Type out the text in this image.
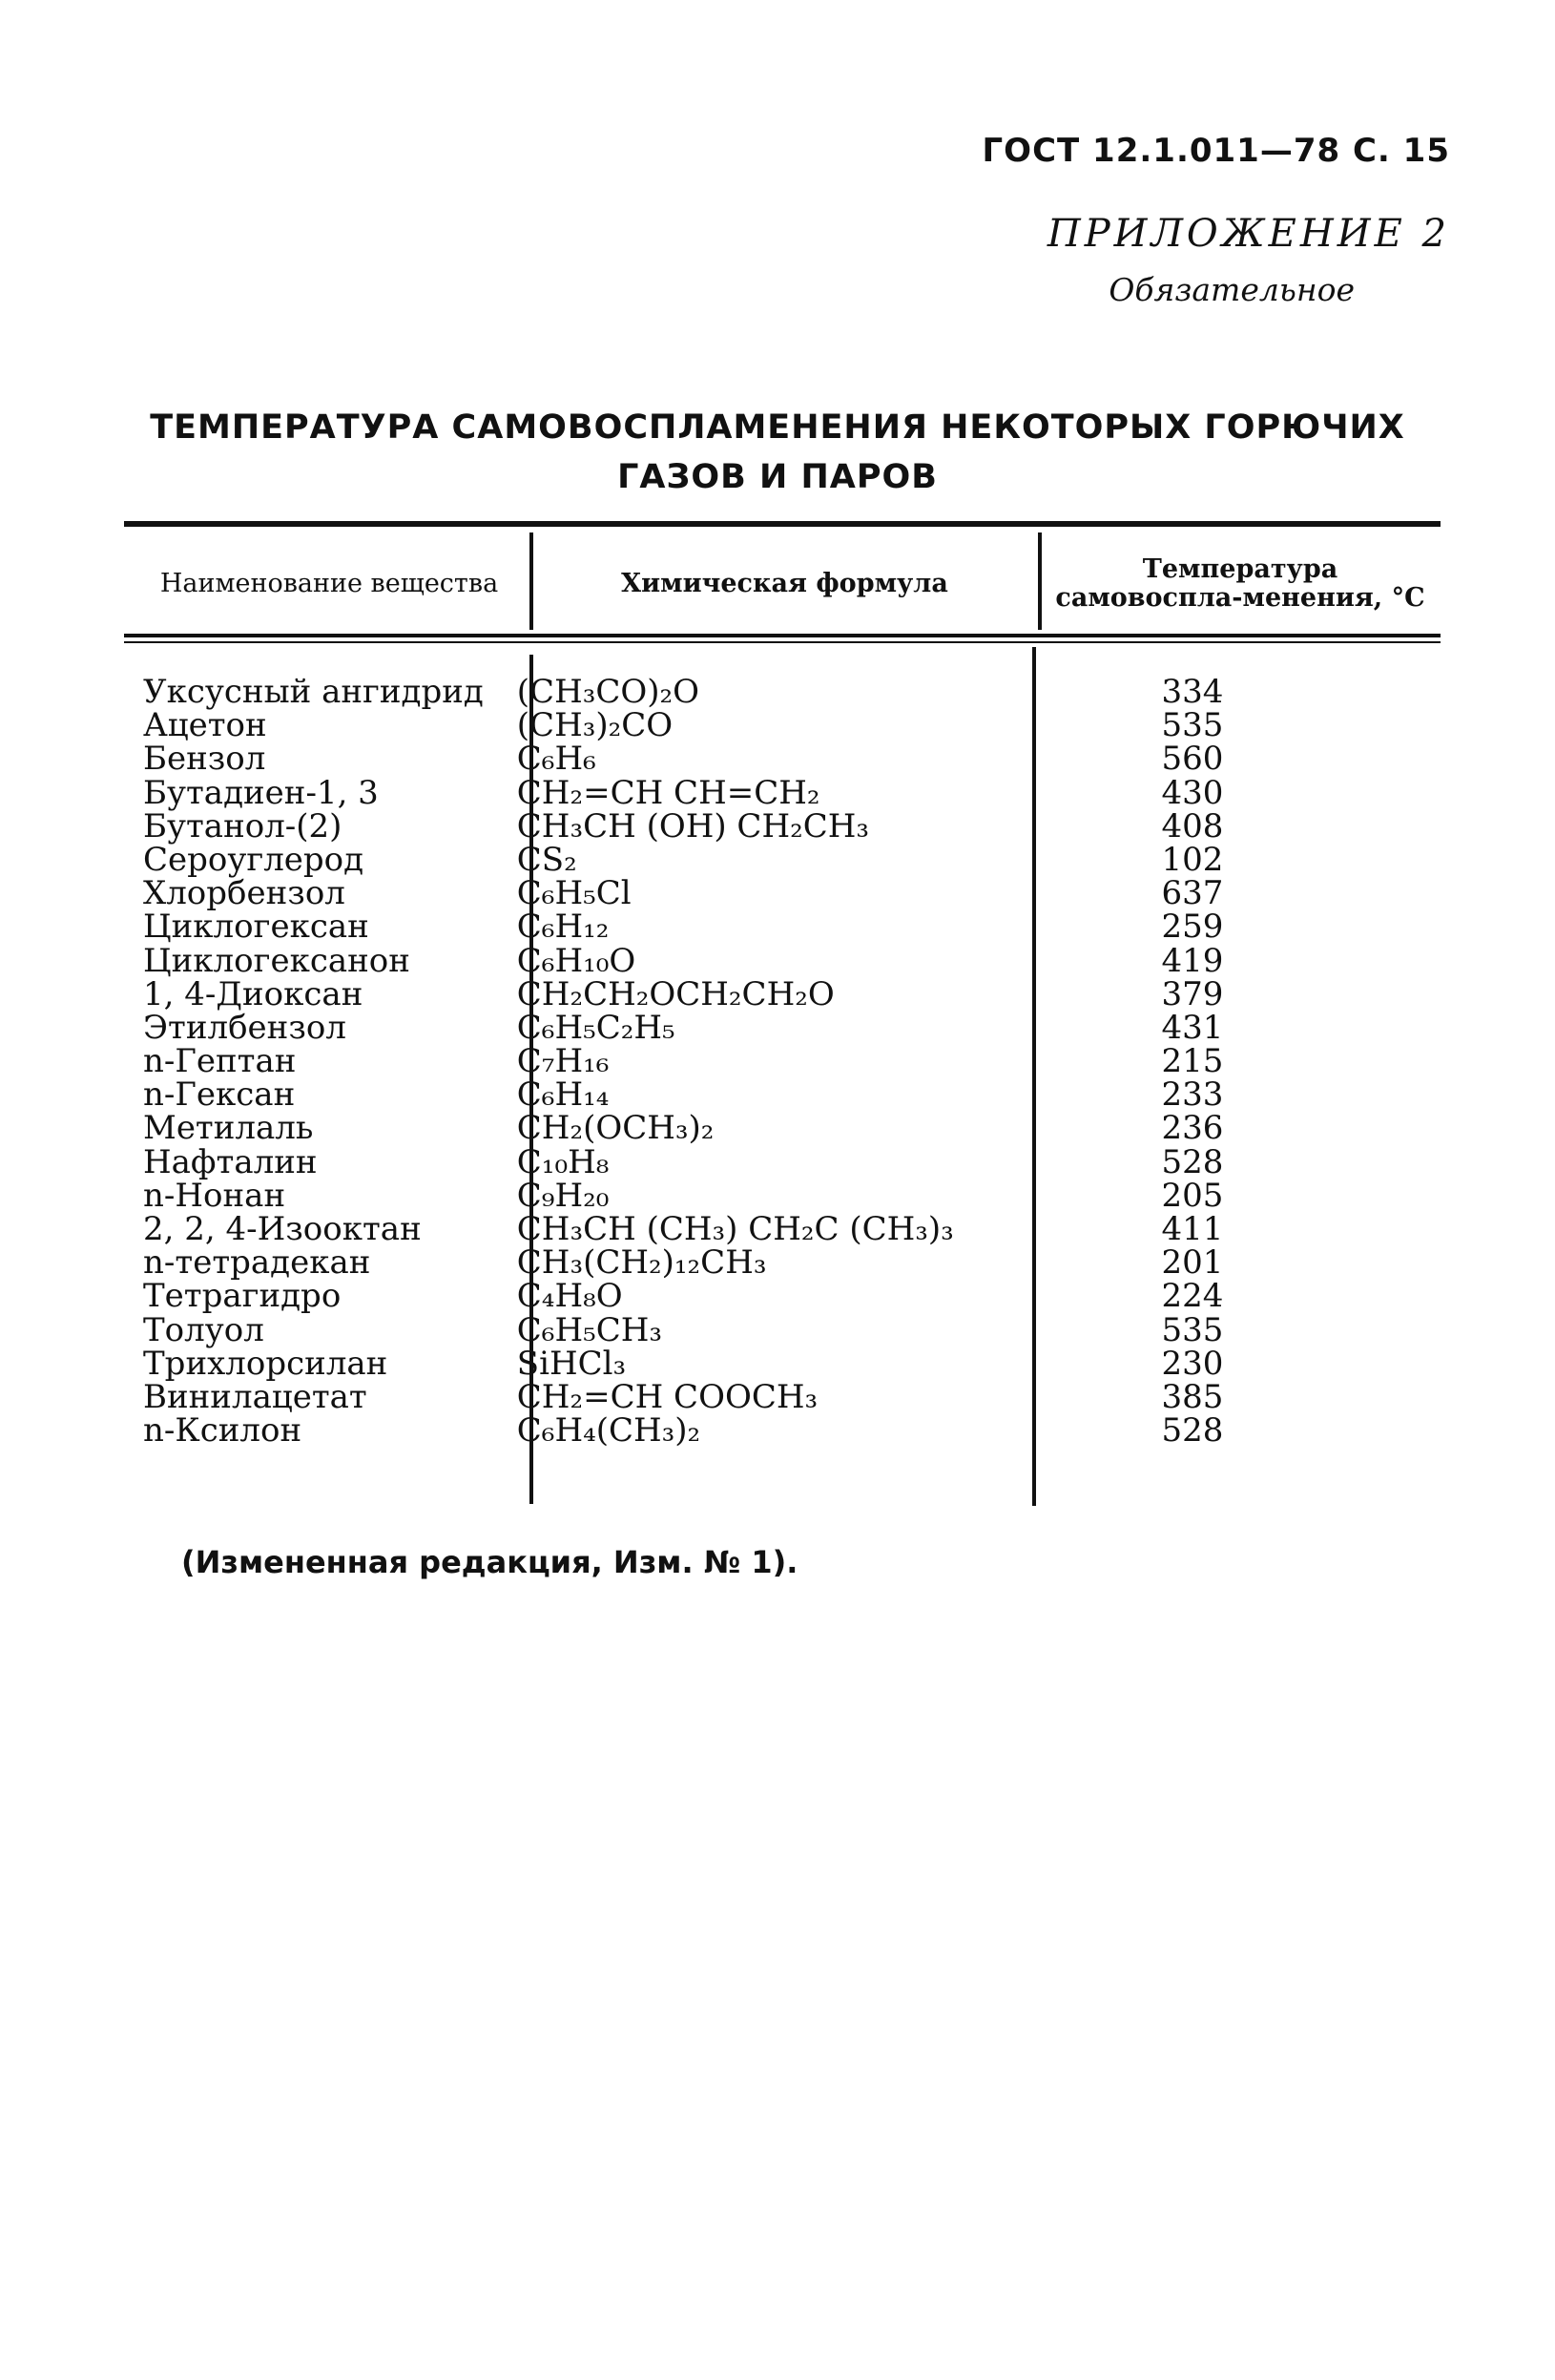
ГОСТ 12.1.011—78 С. 15
ПРИЛОЖЕНИЕ 2
Обязательное
ТЕМПЕРАТУРА САМОВОСПЛАМЕНЕНИЯ НЕКОТОРЫХ ГОРЮЧИХ
ГАЗОВ И ПАРОВ
Наименование вещества	Химическая формула	Температура самовоспла-менения, °С
Уксусный ангидрид	(CH₃CO)₂O	334
Ацетон	(CH₃)₂CO	535
Бензол	C₆H₆	560
Бутадиен-1, 3	CH₂=CH CH=CH₂	430
Бутанол-(2)	CH₃CH (OH) CH₂CH₃	408
Сероуглерод	CS₂	102
Хлорбензол	C₆H₅Cl	637
Циклогексан	C₆H₁₂	259
Циклогексанон	C₆H₁₀O	419
1, 4-Диоксан	CH₂CH₂OCH₂CH₂O	379
Этилбензол	C₆H₅C₂H₅	431
n-Гептан	C₇H₁₆	215
n-Гексан	C₆H₁₄	233
Метилаль	CH₂(OCH₃)₂	236
Нафталин	C₁₀H₈	528
n-Нонан	C₉H₂₀	205
2, 2, 4-Изооктан	CH₃CH (CH₃) CH₂C (CH₃)₃	411
n-тетрадекан	CH₃(CH₂)₁₂CH₃	201
Тетрагидро	C₄H₈O	224
Толуол	C₆H₅CH₃	535
Трихлорсилан	SiHCl₃	230
Винилацетат	CH₂=CH COOCH₃	385
n-Ксилон	C₆H₄(CH₃)₂	528
(Измененная редакция, Изм. № 1).
